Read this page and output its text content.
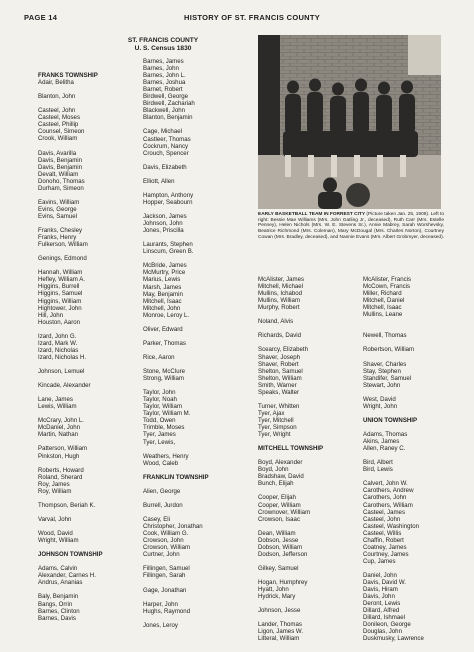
PAGE 14	HISTORY OF ST. FRANCIS COUNTY
ST. FRANCIS COUNTY
U. S. Census 1830
FRANKS TOWNSHIP
Adair, Belitha
Blanton, John
Casteel, John
Casteel, Moses
Casteel, Phillip
Counsel, Simeon
Crook, William
Davis, Avarilla
Davis, Benjamin
Davis, Benjamin
Devalt, William
Donoho, Thomas
Durham, Simeon
Eavins, William
Evins, George
Evins, Samuel
Franks, Chesley
Franks, Henry
Fulkerson, William
Genings, Edmond
Hannah, William
Hefley, William A.
Higgins, Burrell
Higgins, Samuel
Higgins, William
Hightower, John
Hill, John
Houston, Aaron
Izard, John G.
Izard, Mark W.
Izard, Nicholas
Izard, Nicholas H.
Johnson, Lemuel
Kincade, Alexander
Lane, James
Lewis, William
McCrary, John L.
McDaniel, John
Martin, Nathan
Patterson, William
Pinkston, Hugh
Roberts, Howard
Roland, Sherard
Roy, James
Roy, William
Thompson, Beriah K.
Varval, John
Wood, David
Wright, William
JOHNSON TOWNSHIP
Adams, Calvin
Alexander, Carnes H.
Andrus, Ananias
Baly, Benjamin
Bangs, Orrin
Barnes, Clinton
Barnes, Davis
Barnes, James
Barnes, John
Barnes, John L.
Barnes, Joshua
Barnet, Robert
Birdwell, George
Birdwell, Zachariah
Blackwell, John
Blanton, Benjamin
Cage, Michael
Castleer, Thomas
Cockrum, Nancy
Crouch, Spencer
Davis, Elizabeth
Elliott, Allen
Hampton, Anthony
Hopper, Seabourn
Jackson, James
Johnson, John
Jones, Priscilla
Laurants, Stephen
Linscum, Green B.
McBride, James
McMurtry, Price
Marius, Lewis
Marsh, James
May, Benjamin
Mitchell, Isaac
Mitchell, John
Monroe, Leroy L.
Oliver, Edward
Parker, Thomas
Rice, Aaron
Stone, McClure
Strong, William
Taylor, John
Taylor, Noah
Taylor, William
Taylor, William M.
Todd, Owen
Trimble, Moses
Tyer, James
Tyer, Lewis,
Weathers, Henry
Wood, Caleb
FRANKLIN TOWNSHIP
Alien, George
Burrell, Jurdon
Casey, Eli
Christopher, Jonathan
Cook, William G.
Crowson, John
Crowson, William
Curtner, John
Fillingen, Samuel
Fillingen, Sarah
Gage, Jonathan
Harper, John
Hughs, Raymond
Jones, Leroy
McAlister, James
Mitchell, Michael
Mullins, Ichabod
Mullins, William
Murphy, Robert
Noland, Alvis
Richards, David
Scearcy, Elizabeth
Shaver, Joseph
Shaver, Robert
Shelton, Samuel
Shelton, William
Smith, Warner
Speaks, Walter
Turner, Whitten
Tyer, Ajax
Tyer, Mitchell
Tyer, Simpson
Tyer, Wright
MITCHELL TOWNSHIP
Boyd, Alexander
Boyd, John
Bradshaw, David
Bunch, Elijah
Cooper, Elijah
Cooper, William
Crownover, William
Crowson, Isaac
Dean, William
Dobson, Jesse
Dobson, William
Dodson, Jefferson
Gilkey, Samuel
Hogan, Humphrey
Hyatt, John
Hydrick, Mary
Johnson, Jesse
Lander, Thomas
Ligon, James W.
Litteral, William
McAlister, Francis
McCown, Francis
Miller, Richard
Mitchell, Daniel
Mitchell, Isaac
Mullins, Leane
Newell, Thomas
Robertson, William
Shaver, Charles
Stay, Stephen
Standifer, Samuel
Stewart, John
West, David
Wright, John
UNION TOWNSHIP
Adams, Thomas
Akins, James
Allen, Raney C.
Bird, Albert
Bird, Lewis
Calvert, John W.
Carothers, Andrew
Carothers, John
Carothers, William
Casteel, James
Casteel, John
Casteel, Washington
Casteel, Willis
Chaffin, Robert
Coatney, James
Courtney, James
Cup, James
Daniel, John
Davis, David W.
Davis, Hiram
Davis, John
Deront, Lewis
Dillard, Alfred
Dillard, Ishmael
Donileon, George
Douglas, John
Duskmusky, Lawrence
EARLY BASKETBALL TEAM IN FORREST CITY (Picture taken Jan. 25, 1909). Left to right: Bessie Mae Williams (Mrs. John Gatling Jr., deceased), Ruth Carr (Mrs. Estelle Penney), Helen Nichols (Mrs. W. E. Stevens Sr.), Annie Mabrey, Sarah Worshevsky, Beatrice Richmond (Mrs. Coleman), Mary McDougal (Mrs. Charles Norton), Courtney Cowan (Mrs. Bradley, deceased), and Nannie Evans (Mrs. Albert Grobmyer, deceased).
